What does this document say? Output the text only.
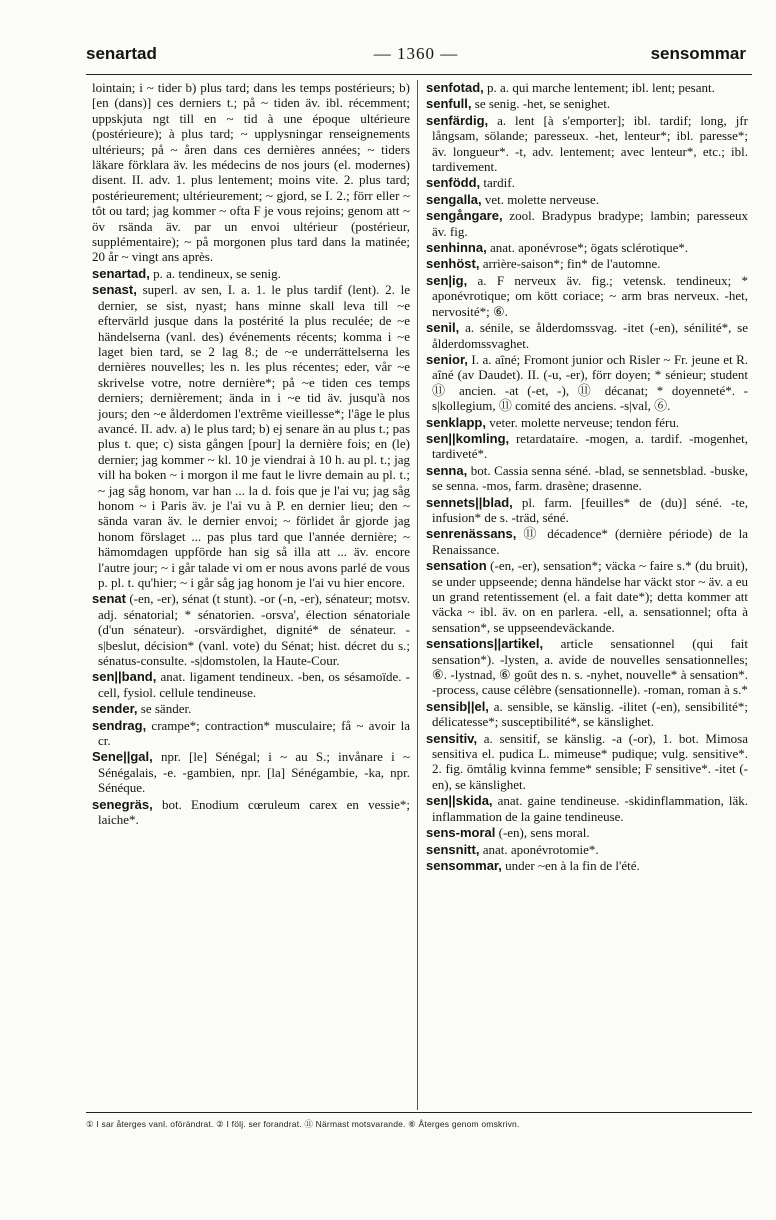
senartad	— 1360 —	sensommar

lointain; i ~ tider b) plus tard; dans les temps postérieurs; b) [en (dans)] ces derniers t.; på ~ tiden äv. ibl. récemment; uppskjuta ngt till en ~ tid à une époque ultérieure (postérieure); à plus tard; ~ upplysningar renseignements ultérieurs; på ~ åren dans ces dernières années; ~ tiders läkare förklara äv. les médecins de nos jours (el. modernes) disent. II. adv. 1. plus lentement; moins vite. 2. plus tard; postérieurement; ultérieurement; ~ gjord, se I. 2.; förr eller ~ tôt ou tard; jag kommer ~ ofta F je vous rejoins; genom att ~ öv rsända äv. par un envoi ultérieur (postérieur, supplémentaire); ~ på morgonen plus tard dans la matinée; 20 år ~ vingt ans après.

senartad, p. a. tendineux, se senig.

senast, superl. av sen, I. a. 1. le plus tardif (lent). 2. le dernier, se sist, nyast; hans minne skall leva till ~e eftervärld jusque dans la postérité la plus reculée; de ~e händelserna (vanl. des) événements récents; komma i ~e laget bien tard, se 2 lag 8.; de ~e underrättelserna les dernières nouvelles; les n. les plus récentes; eder, vår ~e skrivelse votre, notre dernière*; på ~e tiden ces temps derniers; dernièrement; ända in i ~e tid äv. jusqu'à nos jours; den ~e ålderdomen l'extrême vieillesse*; l'âge le plus avancé. II. adv. a) le plus tard; b) ej senare än au plus t.; pas plus t. que; c) sista gången [pour] la dernière fois; en (le) dernier; jag kommer ~ kl. 10 je viendrai à 10 h. au pl. t.; jag vill ha boken ~ i morgon il me faut le livre demain au pl. t.; ~ jag såg honom, var han ... la d. fois que je l'ai vu; jag såg honom ~ i Paris äv. je l'ai vu à P. en dernier lieu; den ~ sända varan äv. le dernier envoi; ~ förlidet år gjorde jag honom förslaget ... pas plus tard que l'année dernière; ~ hämomdagen uppförde han sig så illa att ... äv. encore l'autre jour; ~ i går talade vi om er nous avons parlé de vous p. pl. t. qu'hier; ~ i går såg jag honom je l'ai vu hier encore.

senat (-en, -er), sénat (t stunt). -or (-n, -er), sénateur; motsv. adj. sénatorial; * sénatorien. -orsva', élection sénatoriale (d'un sénateur). -orsvärdighet, dignité* de sénateur. -s|beslut, décision* (vanl. vote) du Sénat; hist. décret du s.; sénatus-consulte. -s|domstolen, la Haute-Cour.

sen||band, anat. ligament tendineux. -ben, os sésamoïde. -cell, fysiol. cellule tendineuse.

sender, se sänder.

sendrag, crampe*; contraction* musculaire; få ~ avoir la cr.

Sene||gal, npr. [le] Sénégal; i ~ au S.; invånare i ~ Sénégalais, -e. -gambien, npr. [la] Sénégambie, -ka, npr. Sénéque.

senegräs, bot. Enodium cœruleum carex en vessie*; laiche*.

senfotad, p. a. qui marche lentement; ibl. lent; pesant.

senfull, se senig. -het, se senighet.

senfärdig, a. lent [à s'emporter]; ibl. tardif; long, jfr långsam, sölande; paresseux. -het, lenteur*; ibl. paresse*; äv. longueur*. -t, adv. lentement; avec lenteur*, etc.; ibl. tardivement.

senfödd, tardif.

sengalla, vet. molette nerveuse.

sengångare, zool. Bradypus bradype; lambin; paresseux äv. fig.

senhinna, anat. aponévrose*; ögats sclérotique*.

senhöst, arrière-saison*; fin* de l'automne.

sen|ig, a. F nerveux äv. fig.; vetensk. tendineux; * aponévrotique; om kött coriace; ~ arm bras nerveux. -het, nervosité*; ⑥.

senil, a. sénile, se ålderdomssvag. -itet (-en), sénilité*, se ålderdomssvaghet.

senior, I. a. aîné; Fromont junior och Risler ~ Fr. jeune et R. aîné (av Daudet). II. (-u, -er), förr doyen; * sénieur; student ⑪ ancien. -at (-et, -), ⑪ décanat; * doyenneté*. -s|kollegium, ⑪ comité des anciens. -s|val, ⑥.

senklapp, veter. molette nerveuse; tendon féru.

sen||komling, retardataire. -mogen, a. tardif. -mogenhet, tardiveté*.

senna, bot. Cassia senna séné. -blad, se sennetsblad. -buske, se senna. -mos, farm. drasène; drasenne.

sennets||blad, pl. farm. [feuilles* de (du)] séné. -te, infusion* de s. -träd, séné.

senrenässans, ⑪ décadence* (dernière période) de la Renaissance.

sensation (-en, -er), sensation*; väcka ~ faire s.* (du bruit), se under uppseende; denna händelse har väckt stor ~ äv. a eu un grand retentissement (el. a fait date*); detta kommer att väcka ~ ibl. äv. on en parlera. -ell, a. sensationnel; ofta à sensation*, se uppseendeväckande.

sensations||artikel, article sensationnel (qui fait sensation*). -lysten, a. avide de nouvelles sensationnelles; ⑥. -lystnad, ⑥ goût des n. s. -nyhet, nouvelle* à sensation*. -process, cause célèbre (sensationnelle). -roman, roman à s.*

sensib||el, a. sensible, se känslig. -ilitet (-en), sensibilité*; délicatesse*; susceptibilité*, se känslighet.

sensitiv, a. sensitif, se känslig. -a (-or), 1. bot. Mimosa sensitiva el. pudica L. mimeuse* pudique; vulg. sensitive*. 2. fig. ömtålig kvinna femme* sensible; F sensitive*. -itet (-en), se känslighet.

sen||skida, anat. gaine tendineuse. -skidinflammation, läk. inflammation de la gaine tendineuse.

sens-moral (-en), sens moral.

sensnitt, anat. aponévrotomie*.

sensommar, under ~en à la fin de l'été.

① I sar återges vanl. oförändrat. ② I följ. ser forandrat. ⑪ Närmast motsvarande. ⑥ Återges genom omskrivn.
